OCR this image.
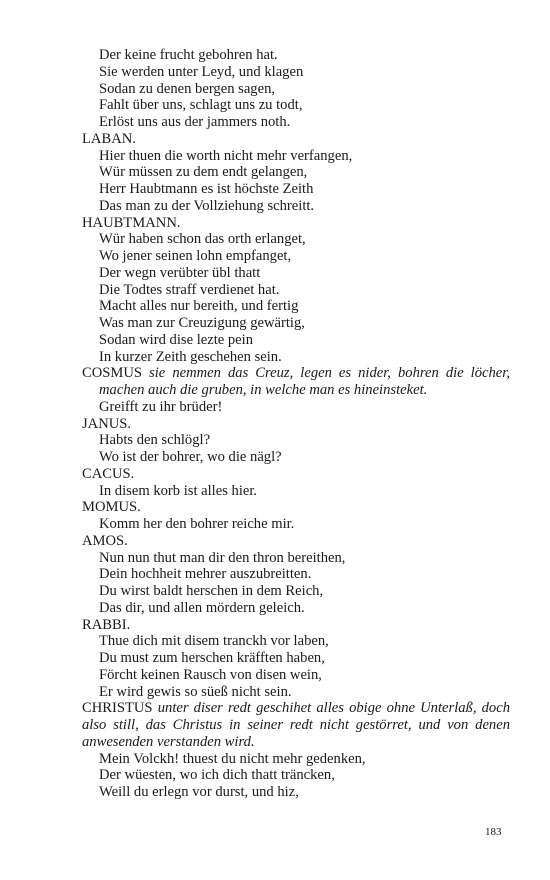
Der keine frucht gebohren hat.
Sie werden unter Leyd, und klagen
Sodan zu denen bergen sagen,
Fahlt über uns, schlagt uns zu todt,
Erlöst uns aus der jammers noth.
LABAN.
Hier thuen die worth nicht mehr verfangen,
Wür müssen zu dem endt gelangen,
Herr Haubtmann es ist höchste Zeith
Das man zu der Vollziehung schreitt.
HAUBTMANN.
Wür haben schon das orth erlanget,
Wo jener seinen lohn empfanget,
Der wegn verübter übl thatt
Die Todtes straff verdienet hat.
Macht alles nur bereith, und fertig
Was man zur Creuzigung gewärtig,
Sodan wird dise lezte pein
In kurzer Zeith geschehen sein.
COSMUS sie nemmen das Creuz, legen es nider, bohren die löcher,
machen auch die gruben, in welche man es hineinsteket.
Greifft zu ihr brüder!
JANUS.
Habts den schlögl?
Wo ist der bohrer, wo die nägl?
CACUS.
In disem korb ist alles hier.
MOMUS.
Komm her den bohrer reiche mir.
AMOS.
Nun nun thut man dir den thron bereithen,
Dein hochheit mehrer auszubreitten.
Du wirst baldt herschen in dem Reich,
Das dir, und allen mördern geleich.
RABBI.
Thue dich mit disem tranckh vor laben,
Du must zum herschen kräfften haben,
Förcht keinen Rausch von disen wein,
Er wird gewis so süeß nicht sein.
CHRISTUS unter diser redt geschihet alles obige ohne Unterlaß, doch
also still, das Christus in seiner redt nicht gestörret, und von denen
anwesenden verstanden wird.
Mein Volckh! thuest du nicht mehr gedenken,
Der wüesten, wo ich dich thatt träncken,
Weill du erlegn vor durst, und hiz,
183
